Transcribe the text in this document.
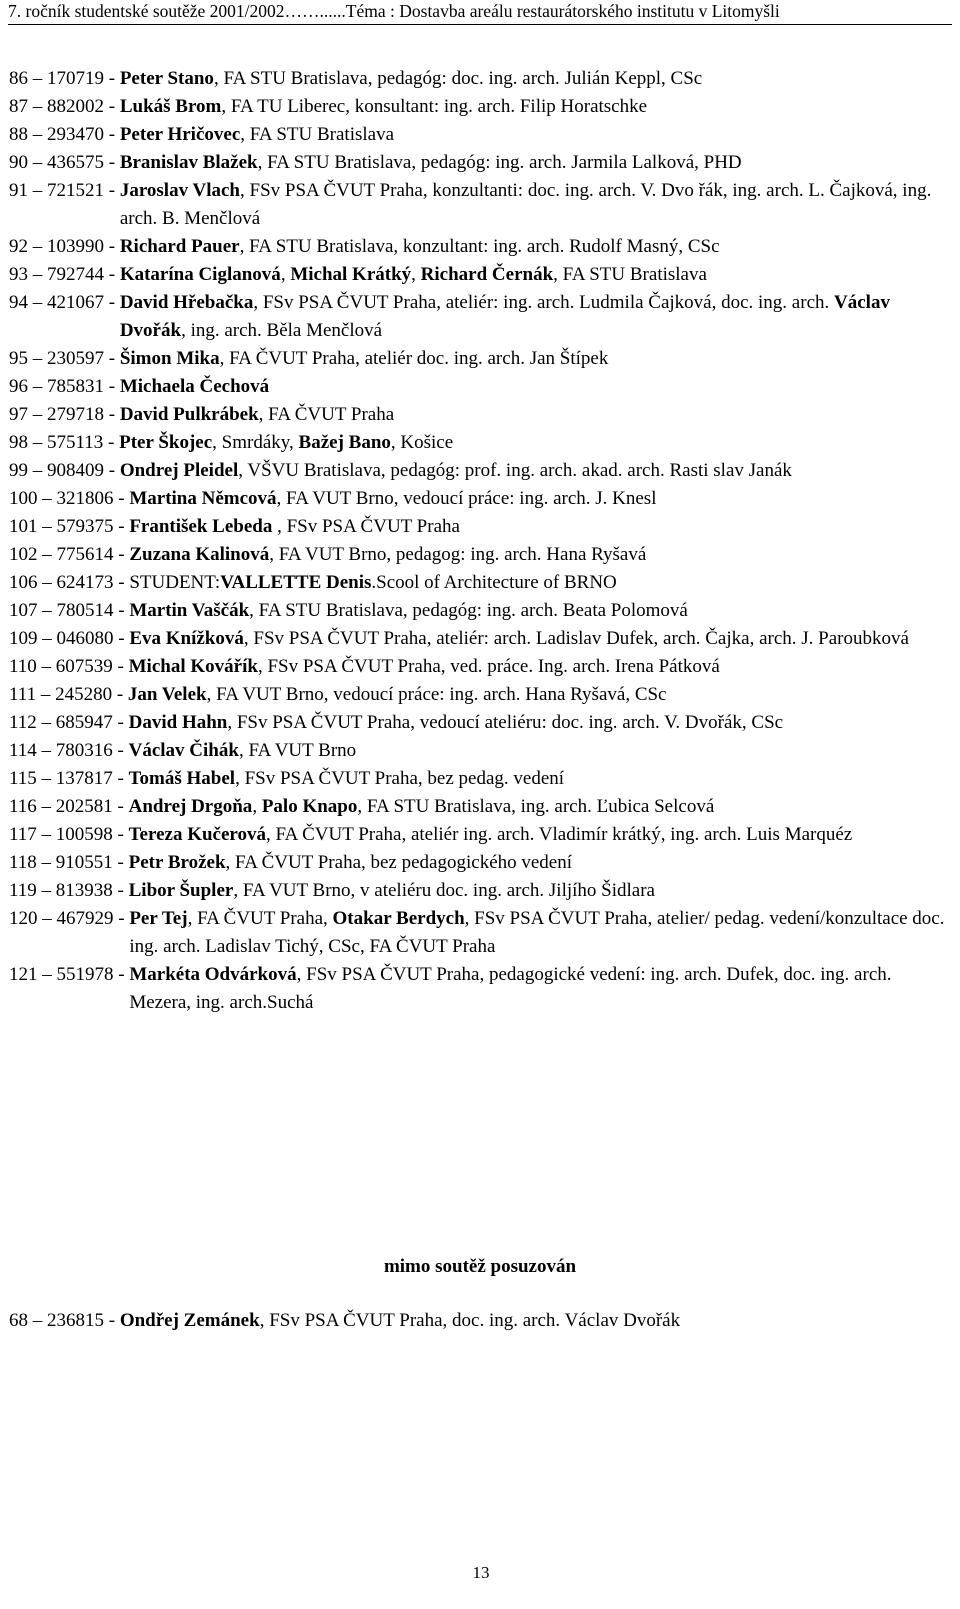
7. ročník studentské soutěže 2001/2002……......Téma : Dostavba areálu restaurátorského institutu v Litomyšli
86 – 170719 - Peter Stano, FA STU Bratislava, pedagóg: doc. ing. arch. Julián Keppl, CSc
87 – 882002 - Lukáš Brom, FA TU Liberec, konsultant: ing. arch. Filip Horatschke
88 – 293470 - Peter Hričovec, FA STU Bratislava
90 – 436575 - Branislav Blažek, FA STU Bratislava, pedagóg: ing. arch. Jarmila Lalková, PHD
91 – 721521 - Jaroslav Vlach, FSv PSA ČVUT Praha, konzultanti: doc. ing. arch. V. Dvo řák, ing. arch. L. Čajková, ing. arch. B. Menčlová
92 – 103990 - Richard Pauer, FA STU Bratislava, konzultant: ing. arch. Rudolf Masný, CSc
93 – 792744 - Katarína Ciglanová, Michal Krátký, Richard Černák, FA STU Bratislava
94 – 421067 - David Hřebačka, FSv PSA ČVUT Praha, ateliér: ing. arch. Ludmila Čajková, doc. ing. arch. Václav Dvořák, ing. arch. Běla Menčlová
95 – 230597 - Šimon Mika, FA ČVUT Praha, ateliér doc. ing. arch. Jan Štípek
96 – 785831 - Michaela Čechová
97 – 279718 - David Pulkrábek, FA ČVUT Praha
98 – 575113 - Pter Škojec, Smrdáky, Bažej Bano, Košice
99 – 908409 - Ondrej Pleidel, VŠVU Bratislava, pedagóg: prof. ing. arch. akad. arch. Rasti slav Janák
100 – 321806 - Martina Němcová, FA VUT Brno, vedoucí práce: ing. arch. J. Knesl
101 – 579375 - František Lebeda , FSv PSA ČVUT Praha
102 – 775614 - Zuzana Kalinová, FA VUT Brno, pedagog: ing. arch. Hana Ryšavá
106 – 624173 - STUDENT:VALLETTE Denis.Scool of Architecture of BRNO
107 – 780514 - Martin Vaščák, FA STU Bratislava, pedagóg: ing. arch. Beata Polomová
109 – 046080 - Eva Knížková, FSv PSA ČVUT Praha, ateliér: arch. Ladislav Dufek, arch. Čajka, arch. J. Paroubková
110 – 607539 - Michal Kovářík, FSv PSA ČVUT Praha, ved. práce. Ing. arch. Irena Pátková
111 – 245280 - Jan Velek, FA VUT Brno, vedoucí práce: ing. arch. Hana Ryšavá, CSc
112 – 685947 - David Hahn, FSv PSA ČVUT Praha, vedoucí ateliéru: doc. ing. arch. V. Dvořák, CSc
114 – 780316 - Václav Čihák, FA VUT Brno
115 – 137817 - Tomáš Habel, FSv PSA ČVUT Praha, bez pedag. vedení
116 – 202581 - Andrej Drgoňa, Palo Knapo, FA STU Bratislava, ing. arch. Ľubica Selcová
117 – 100598 - Tereza Kučerová, FA ČVUT Praha, ateliér ing. arch. Vladimír krátký, ing. arch. Luis Marquéz
118 – 910551 - Petr Brožek, FA ČVUT Praha, bez pedagogického vedení
119 – 813938 - Libor Šupler, FA VUT Brno, v ateliéru doc. ing. arch. Jiljího Šidlara
120 – 467929 - Per Tej, FA ČVUT Praha, Otakar Berdych, FSv PSA ČVUT Praha, atelier/ pedag. vedení/konzultace doc. ing. arch. Ladislav Tichý, CSc, FA ČVUT Praha
121 – 551978 - Markéta Odvárková, FSv PSA ČVUT Praha, pedagogické vedení: ing. arch. Dufek, doc. ing. arch. Mezera, ing. arch.Suchá
mimo soutěž posuzován
68 – 236815 - Ondřej Zemánek, FSv PSA ČVUT Praha, doc. ing. arch. Václav Dvořák
13
